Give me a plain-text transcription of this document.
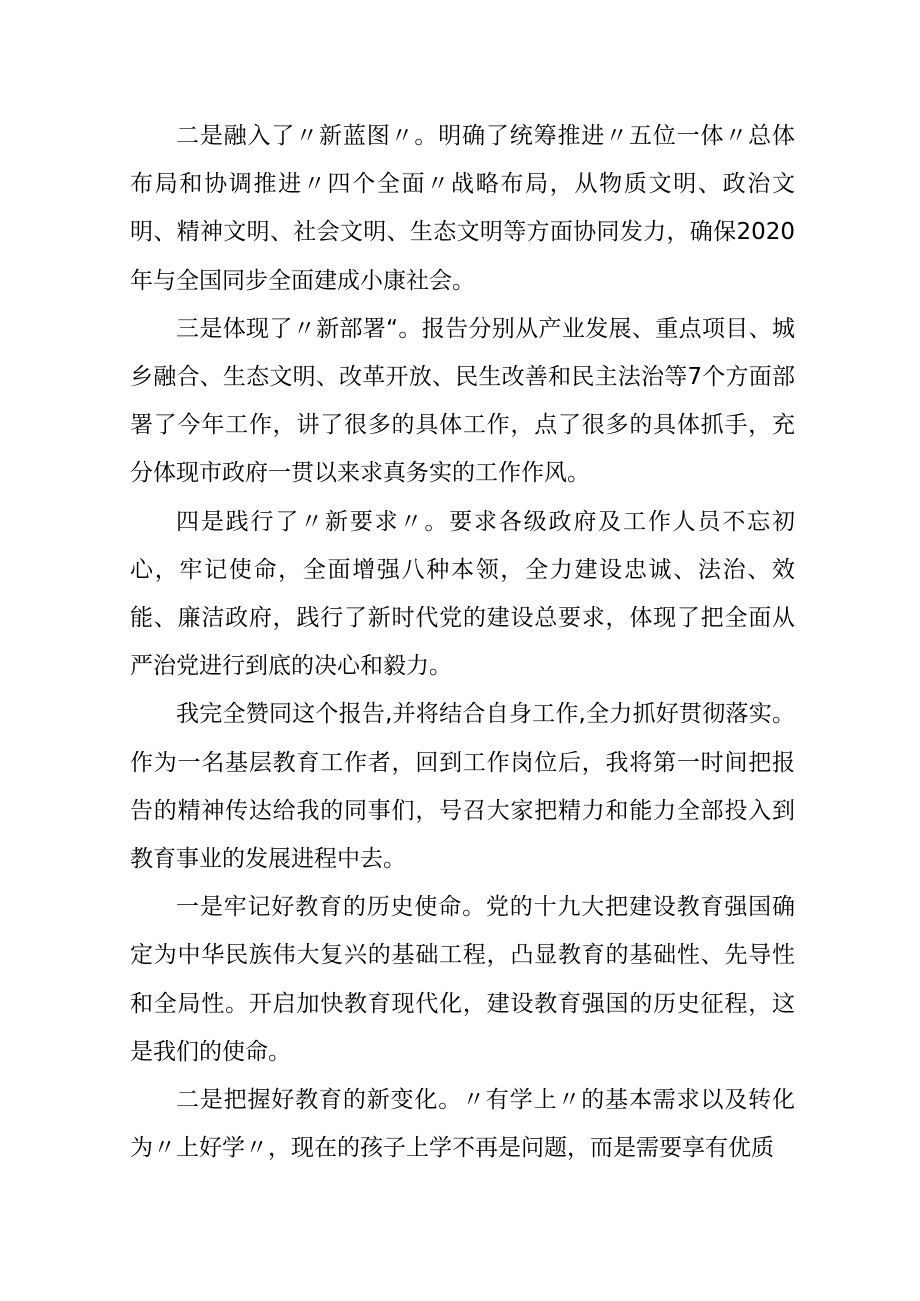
二是融入了〃新蓝图〃。明确了统筹推进〃五位一体〃总体布局和协调推进〃四个全面〃战略布局，从物质文明、政治文明、精神文明、社会文明、生态文明等方面协同发力，确保2020年与全国同步全面建成小康社会。

三是体现了〃新部署“。报告分别从产业发展、重点项目、城乡融合、生态文明、改革开放、民生改善和民主法治等7个方面部署了今年工作，讲了很多的具体工作，点了很多的具体抓手，充分体现市政府一贯以来求真务实的工作作风。

四是践行了〃新要求〃。要求各级政府及工作人员不忘初心，牢记使命，全面增强八种本领，全力建设忠诚、法治、效能、廉洁政府，践行了新时代党的建设总要求，体现了把全面从严治党进行到底的决心和毅力。

我完全赞同这个报告,并将结合自身工作,全力抓好贯彻落实。作为一名基层教育工作者，回到工作岗位后，我将第一时间把报告的精神传达给我的同事们，号召大家把精力和能力全部投入到教育事业的发展进程中去。

一是牢记好教育的历史使命。党的十九大把建设教育强国确定为中华民族伟大复兴的基础工程，凸显教育的基础性、先导性和全局性。开启加快教育现代化，建设教育强国的历史征程，这是我们的使命。

二是把握好教育的新变化。〃有学上〃的基本需求以及转化为〃上好学〃，现在的孩子上学不再是问题，而是需要享有优质
